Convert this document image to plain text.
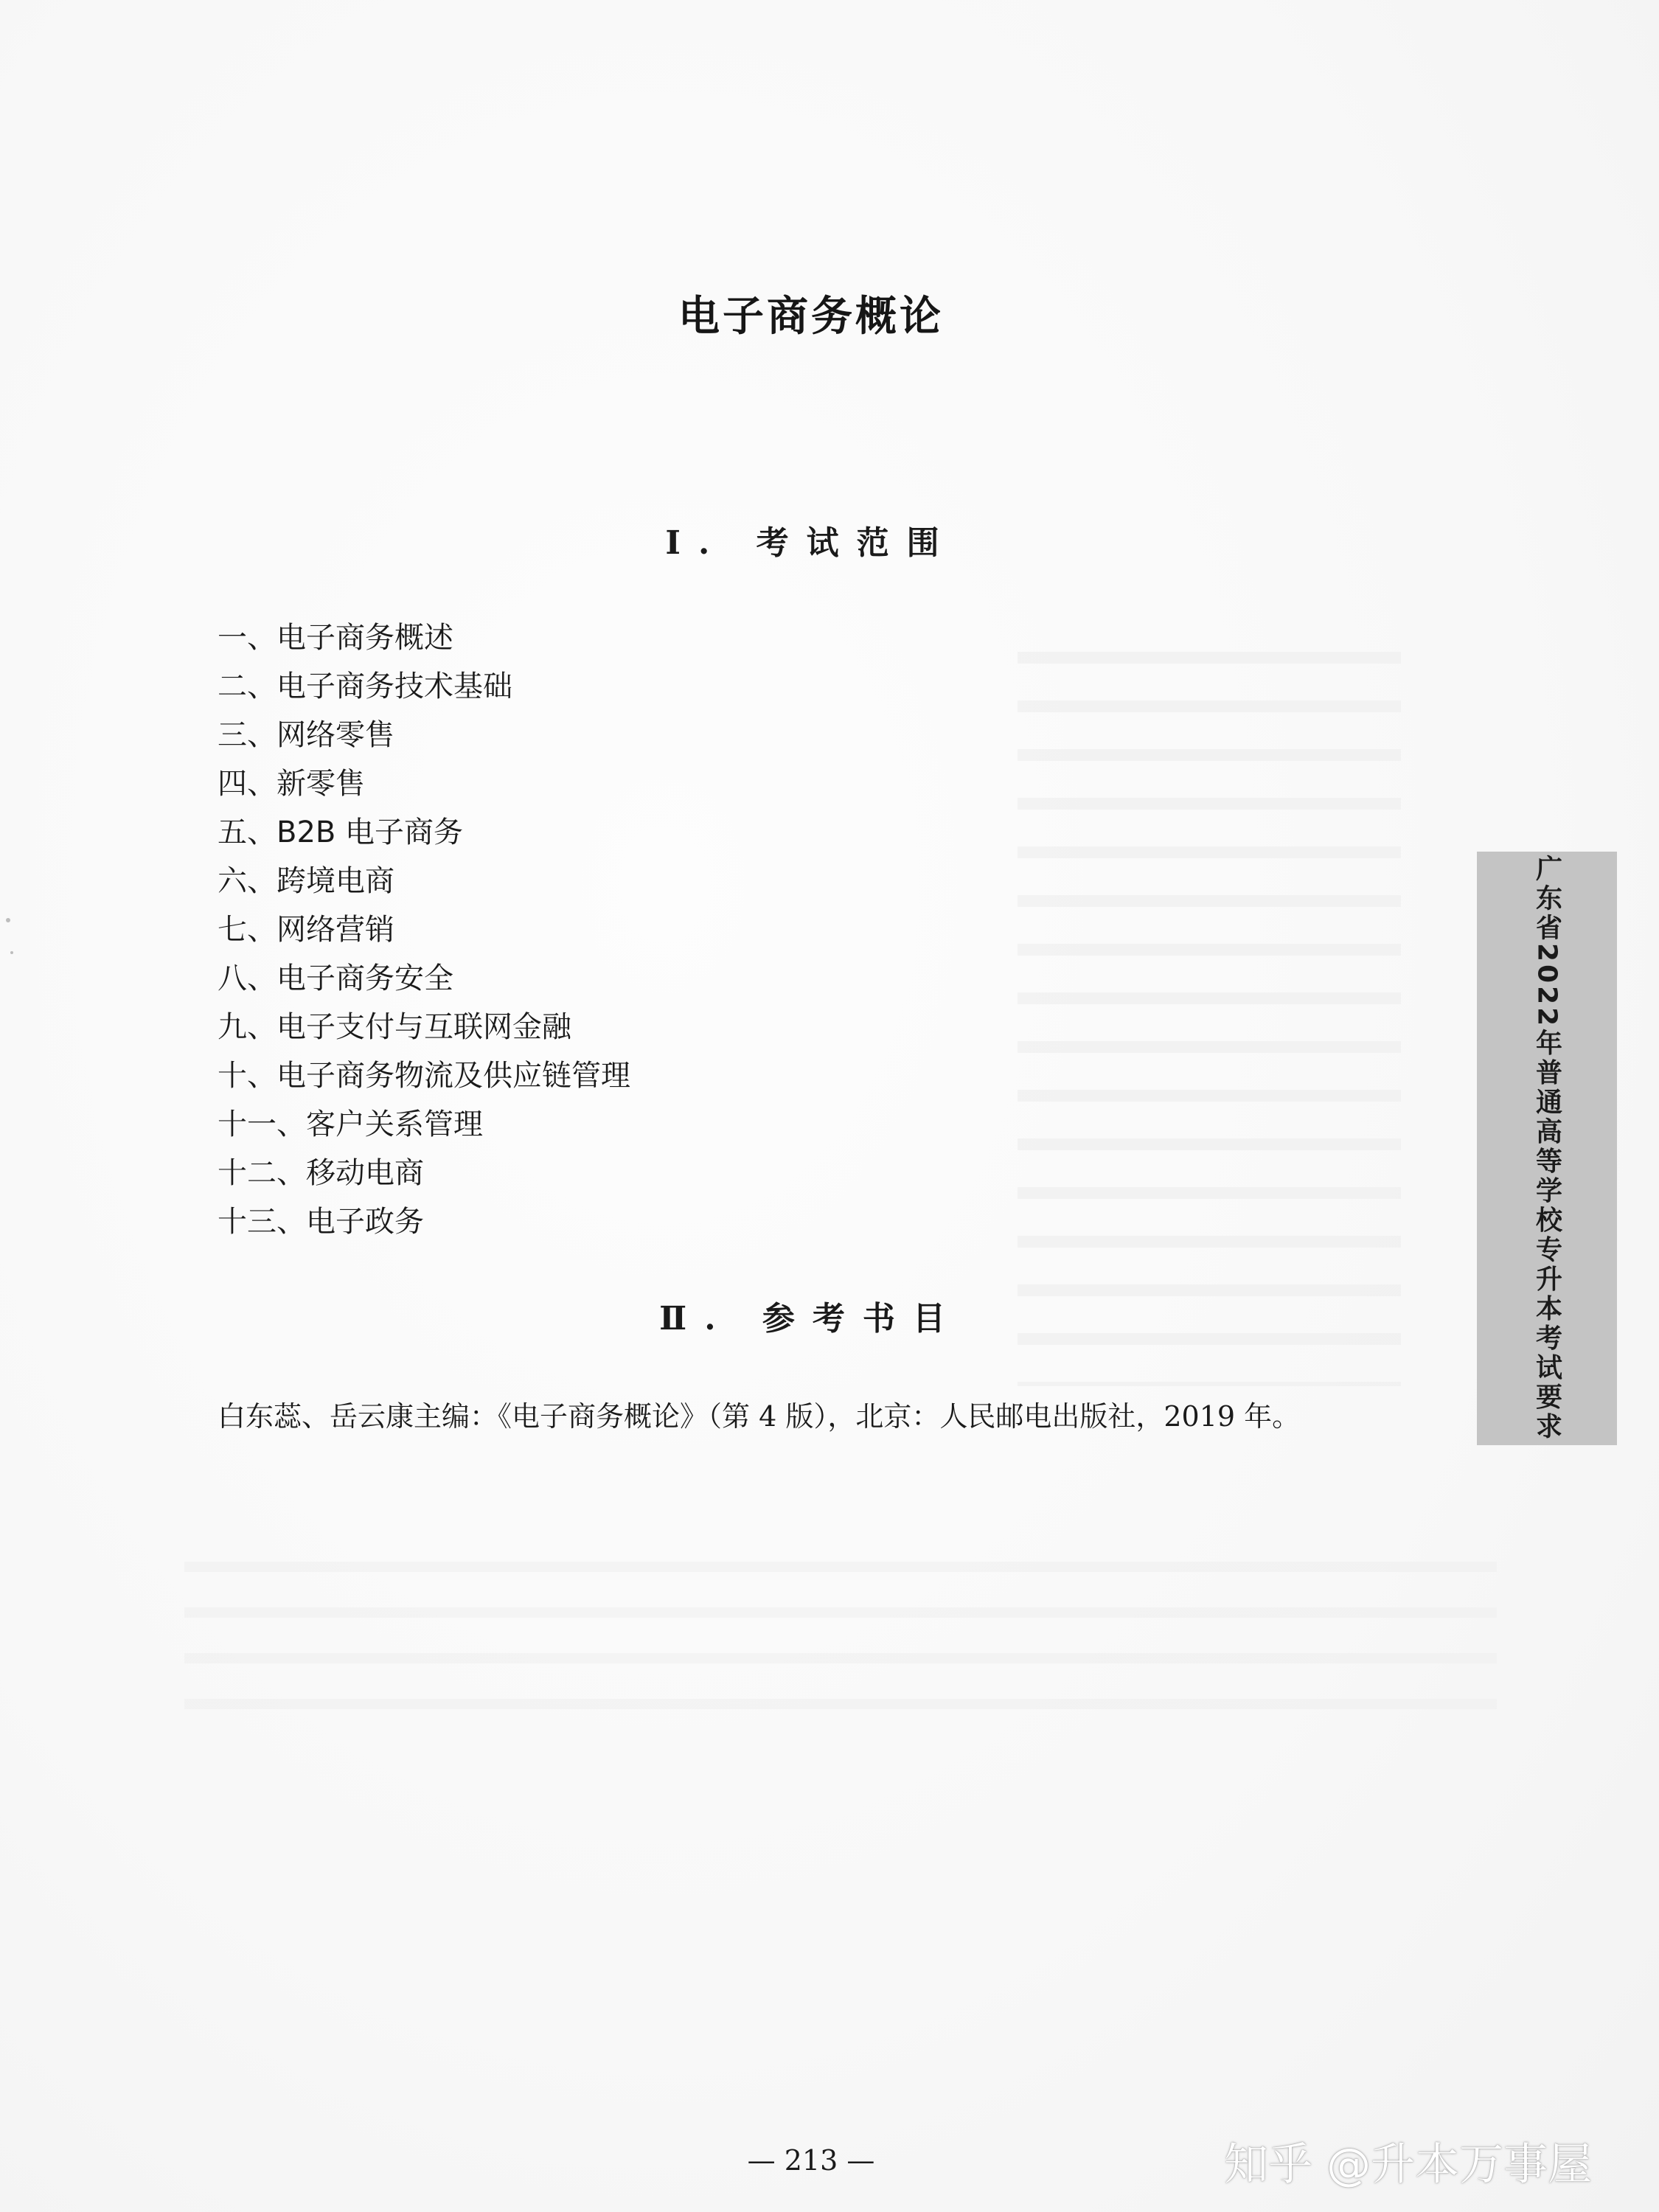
电子商务概论
Ⅰ. 考试范围
一、电子商务概述
二、电子商务技术基础
三、网络零售
四、新零售
五、B2B 电子商务
六、跨境电商
七、网络营销
八、电子商务安全
九、电子支付与互联网金融
十、电子商务物流及供应链管理
十一、客户关系管理
十二、移动电商
十三、电子政务
Ⅱ. 参考书目
白东蕊、岳云康主编：《电子商务概论》（第 4 版），北京：人民邮电出版社，2019 年。	广东省2022年普通高等学校专升本考试要求
— 213 —	知乎 @升本万事屋
